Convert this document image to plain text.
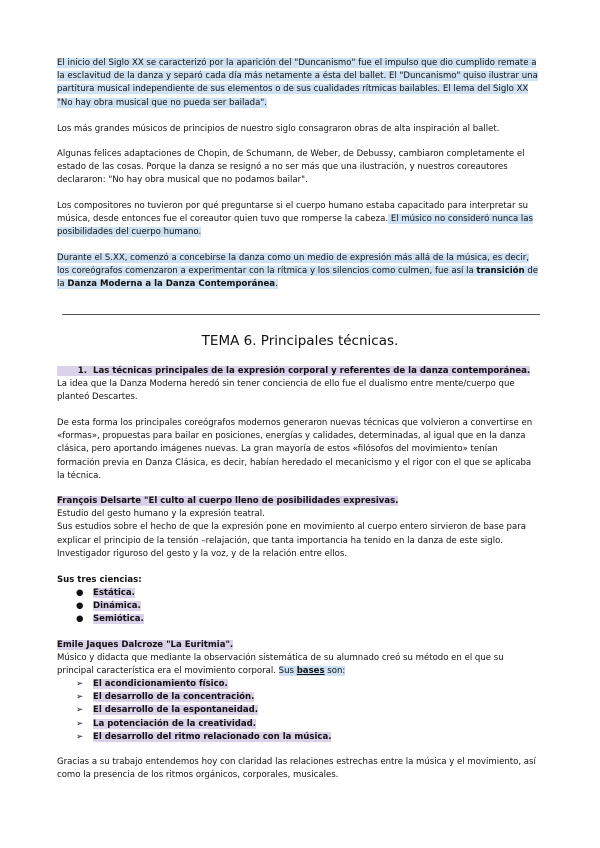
El inicio del Siglo XX se caracterizó por la aparición del "Duncanismo" fue el impulso que dio cumplido remate a la esclavitud de la danza y separó cada día más netamente a ésta del ballet. El "Duncanismo" quiso ilustrar una partitura musical independiente de sus elementos o de sus cualidades rítmicas bailables. El lema del Siglo XX "No hay obra musical que no pueda ser bailada".
Los más grandes músicos de principios de nuestro siglo consagraron obras de alta inspiración al ballet.
Algunas felices adaptaciones de Chopin, de Schumann, de Weber, de Debussy, cambiaron completamente el estado de las cosas. Porque la danza se resignó a no ser más que una ilustración, y nuestros coreautores declararon: "No hay obra musical que no podamos bailar".
Los compositores no tuvieron por qué preguntarse si el cuerpo humano estaba capacitado para interpretar su música, desde entonces fue el coreautor quien tuvo que romperse la cabeza. El músico no consideró nunca las posibilidades del cuerpo humano.
Durante el S.XX, comenzó a concebirse la danza como un medio de expresión más allá de la música, es decir, los coreógrafos comenzaron a experimentar con la rítmica y los silencios como culmen, fue así la transición de la Danza Moderna a la Danza Contemporánea.
TEMA 6. Principales técnicas.
1. Las técnicas principales de la expresión corporal y referentes de la danza contemporánea.
La idea que la Danza Moderna heredó sin tener conciencia de ello fue el dualismo entre mente/cuerpo que planteó Descartes.
De esta forma los principales coreógrafos modernos generaron nuevas técnicas que volvieron a convertirse en «formas», propuestas para bailar en posiciones, energías y calidades, determinadas, al igual que en la danza clásica, pero aportando imágenes nuevas. La gran mayoría de estos «filósofos del movimiento» tenían formación previa en Danza Clásica, es decir, habían heredado el mecanicismo y el rigor con el que se aplicaba la técnica.
François Delsarte "El culto al cuerpo lleno de posibilidades expresivas.
Estudio del gesto humano y la expresión teatral.
Sus estudios sobre el hecho de que la expresión pone en movimiento al cuerpo entero sirvieron de base para explicar el principio de la tensión –relajación, que tanta importancia ha tenido en la danza de este siglo.
Investigador riguroso del gesto y la voz, y de la relación entre ellos.
Sus tres ciencias:
● Estática.
● Dinámica.
● Semiótica.
Emile Jaques Dalcroze "La Euritmia".
Músico y didacta que mediante la observación sistemática de su alumnado creó su método en el que su principal característica era el movimiento corporal. Sus bases son:
➢ El acondicionamiento físico.
➢ El desarrollo de la concentración.
➢ El desarrollo de la espontaneidad.
➢ La potenciación de la creatividad.
➢ El desarrollo del ritmo relacionado con la música.
Gracias a su trabajo entendemos hoy con claridad las relaciones estrechas entre la música y el movimiento, así como la presencia de los ritmos orgánicos, corporales, musicales.
